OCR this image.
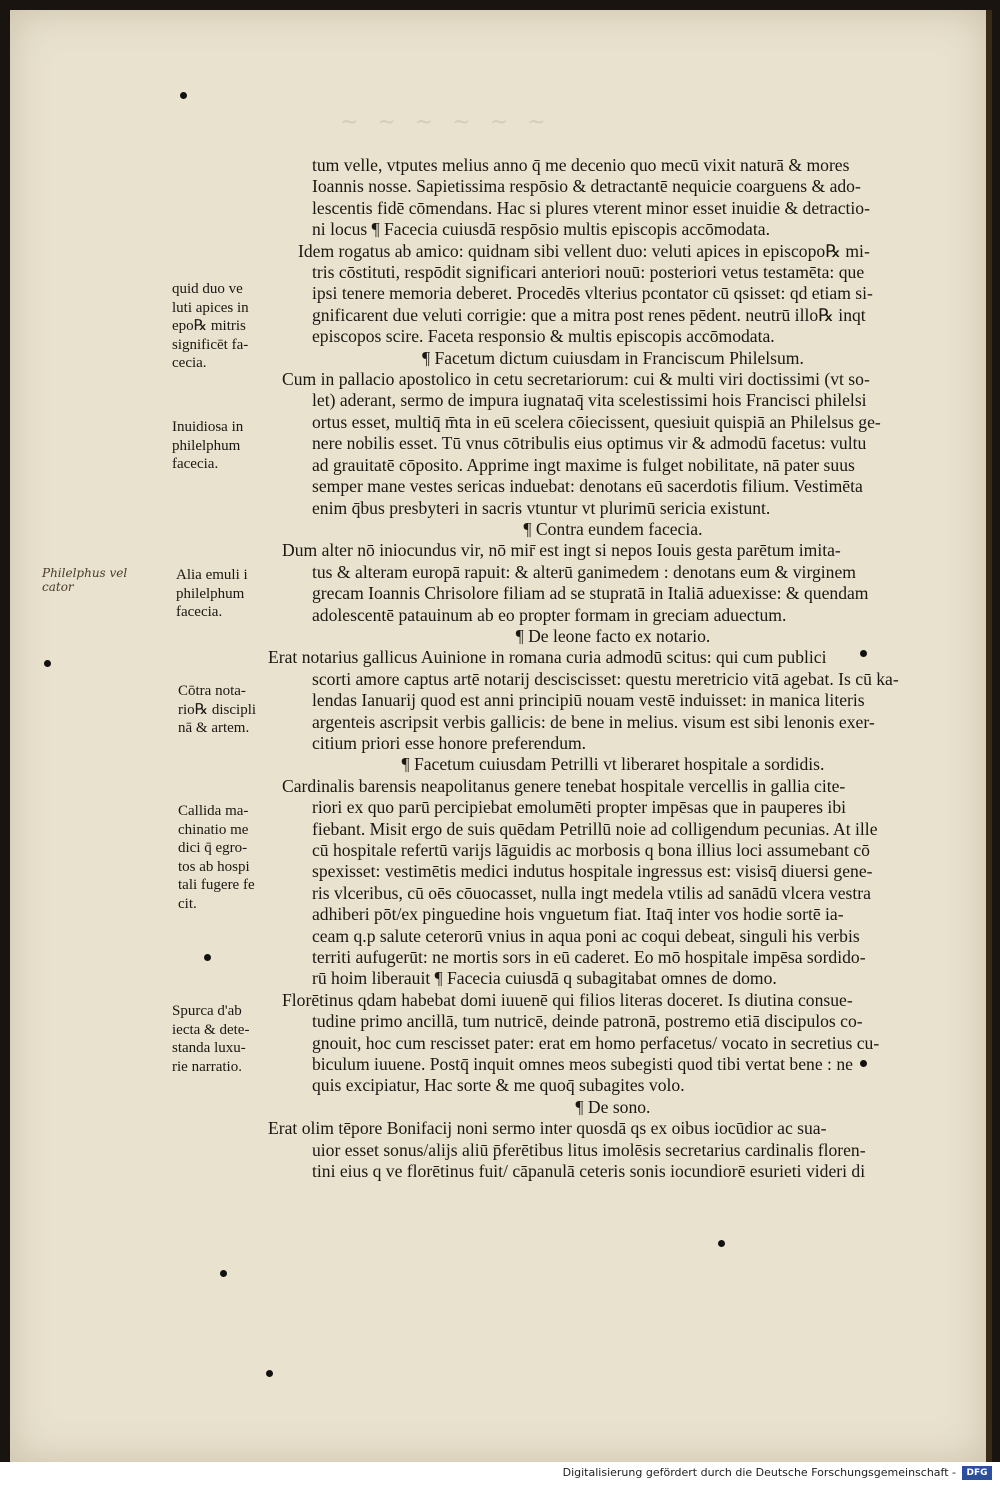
~ ~ ~ ~ ~ ~
tum velle, vtputes melius anno q̄ me decenio quo mecū vixit naturā & mores
Ioannis nosse. Sapietissima respōsio & detractantē nequicie coarguens & ado-
lescentis fidē cōmendans. Hac si plures vterent minor esset inuidie & detractio-
ni locus ¶ Facecia cuiusdā respōsio multis episcopis accōmodata.
Idem rogatus ab amico: quidnam sibi vellent duo: veluti apices in episcopo℞ mi-
tris cōstituti, respōdit significari anteriori nouū: posteriori vetus testamēta: que
ipsi tenere memoria deberet. Procedēs vlterius pcontator cū qsisset: qd etiam si-
gnificarent due veluti corrigie: que a mitra post renes pēdent. neutrū illo℞ inqt
episcopos scire. Faceta responsio & multis episcopis accōmodata.
¶ Facetum dictum cuiusdam in Franciscum Philelsum.
Cum in pallacio apostolico in cetu secretariorum: cui & multi viri doctissimi (vt so-
let) aderant, sermo de impura iugnataq̄ vita scelestissimi hois Francisci philelsi
ortus esset, multiq̄ m̄ta in eū scelera cōiecissent, quesiuit quispiā an Philelsus ge-
nere nobilis esset. Tū vnus cōtribulis eius optimus vir & admodū facetus: vultu
ad grauitatē cōposito. Apprime ingt maxime is fulget nobilitate, nā pater suus
semper mane vestes sericas induebat: denotans eū sacerdotis filium. Vestimēta
enim q̄bus presbyteri in sacris vtuntur vt plurimū sericia existunt.
¶ Contra eundem facecia.
Dum alter nō iniocundus vir, nō mir̄ est ingt si nepos Iouis gesta parētum imita-
tus & alteram europā rapuit: & alterū ganimedem : denotans eum & virginem
grecam Ioannis Chrisolore filiam ad se stupratā in Italiā aduexisse: & quendam
adolescentē patauinum ab eo propter formam in greciam aduectum.
¶ De leone facto ex notario.
Erat notarius gallicus Auinione in romana curia admodū scitus: qui cum publici
scorti amore captus artē notarij desciscisset: questu meretricio vitā agebat. Is cū ka-
lendas Ianuarij quod est anni principiū nouam vestē induisset: in manica literis
argenteis ascripsit verbis gallicis: de bene in melius. visum est sibi lenonis exer-
citium priori esse honore preferendum.
¶ Facetum cuiusdam Petrilli vt liberaret hospitale a sordidis.
Cardinalis barensis neapolitanus genere tenebat hospitale vercellis in gallia cite-
riori ex quo parū percipiebat emolumēti propter impēsas que in pauperes ibi
fiebant. Misit ergo de suis quēdam Petrillū noie ad colligendum pecunias. At ille
cū hospitale refertū varijs lāguidis ac morbosis q bona illius loci assumebant cō
spexisset: vestimētis medici indutus hospitale ingressus est: visisq̄ diuersi gene-
ris vlceribus, cū oēs cōuocasset, nulla ingt medela vtilis ad sanādū vlcera vestra
adhiberi pōt/ex pinguedine hois vnguetum fiat. Itaq̄ inter vos hodie sortē ia-
ceam q.p salute ceterorū vnius in aqua poni ac coqui debeat, singuli his verbis
territi aufugerūt: ne mortis sors in eū caderet. Eo mō hospitale impēsa sordido-
rū hoim liberauit ¶ Facecia cuiusdā q subagitabat omnes de domo.
Florētinus qdam habebat domi iuuenē qui filios literas doceret. Is diutina consue-
tudine primo ancillā, tum nutricē, deinde patronā, postremo etiā discipulos co-
gnouit, hoc cum rescisset pater: erat em homo perfacetus/ vocato in secretius cu-
biculum iuuene. Postq̄ inquit omnes meos subegisti quod tibi vertat bene : ne
quis excipiatur, Hac sorte & me quoq̄ subagites volo.
¶ De sono.
Erat olim tēpore Bonifacij noni sermo inter quosdā qs ex oibus iocūdior ac sua-
uior esset sonus/alijs aliū p̄ferētibus litus imolēsis secretarius cardinalis floren-
tini eius q ve florētinus fuit/ cāpanulā ceteris sonis iocundiorē esurieti videri di
quid duo ve
luti apices in
epo℞ mitris
significēt fa-
cecia.
Inuidiosa in
philelphum
facecia.
Alia emuli i
philelphum
facecia.
Cōtra nota-
rio℞ discipli
nā & artem.
Callida ma-
chinatio me
dici q̄ egro-
tos ab hospi
tali fugere fe
cit.
Spurca d'ab
iecta & dete-
standa luxu-
rie narratio.
Philelphus vel
cator
Digitalisierung gefördert durch die Deutsche Forschungsgemeinschaft -	DFG
